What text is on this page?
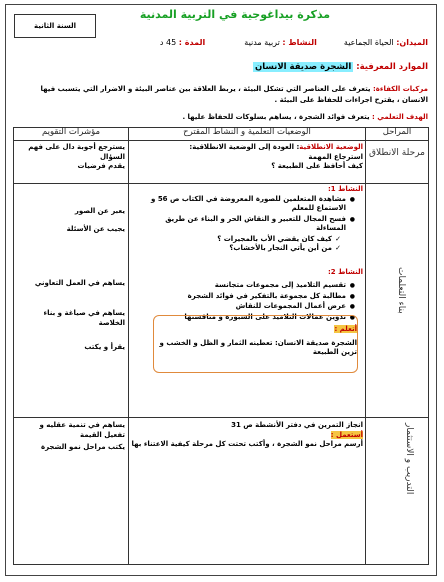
مذكرة بيداغوجية في التربية المدنية
السنة الثانية
الميدان: الحياة الجماعية  النشاط : تربية مدنية  المدة : 45 د
الموارد المعرفية: الشجرة صديقة الانسان
مركبات الكفاءة: يتعرف على العناصر التي تشكل البيئة ، يربط العلاقة بين عناصر البيئة و الاضرار التي يتسبب فيها الانسان ، يقترح اجراءات للحفاظ على البيئة .
الهدف التعلمي : يتعرف فوائد الشجرة ، يساهم بسلوكات للحفاظ عليها .
المراحل
الوضعيات التعلمية و النشاط المقترح
مؤشرات التقويم
مرحلة الانطلاق
الوضعية الانطلاقية: العودة إلى الوضعية الانطلاقية:
استرجاع المهمة
كيف أحافظ على الطبيعة ؟
يسترجع أجوبة دال على فهم السؤال
يقدم فرضيات
بناء التعلمات
النشاط 1:
● مشاهدة المتعلمين للصورة المعروضة في الكتاب ص 56 و الاستماع للمعلم
● فسح المجال للتعبير و النقاش الحر و البناء عن طريق المساءلة
✓ كيف كان يقضي الأب بالمجيرات ؟
✓ من أين يأتي النجار بالأخشاب؟
النشاط 2:
● تقسيم التلاميذ إلى مجموعات متجانسة
● مطالبة كل مجموعة بالتفكير في فوائد الشجرة
● عرض أعمال المجموعات للنقاش
● تدوين عمالات التلاميذ على السبورة و مناقشتها
أتعلم :
الشجرة صديقة الانسان: تعطينه الثمار و الظل و الخشب و تزين الطبيعة
يعبر عن الصور
يجيب عن الأسئلة
يساهم في العمل التعاوني
يساهم في صياغة و بناء الخلاصة
يقرأ و يكتب
التدريب و الاستثمار
انجاز التمرين في دفتر الأنشطة ص 31
أستعمل :
أرسم مراحل نمو الشجرة ، وأكتب تحتت كل مرحلة كيفية الاعتناء بها
يساهم في تنمية عقليه و تفعيل القيمة
يكتب مراحل نمو الشجرة
